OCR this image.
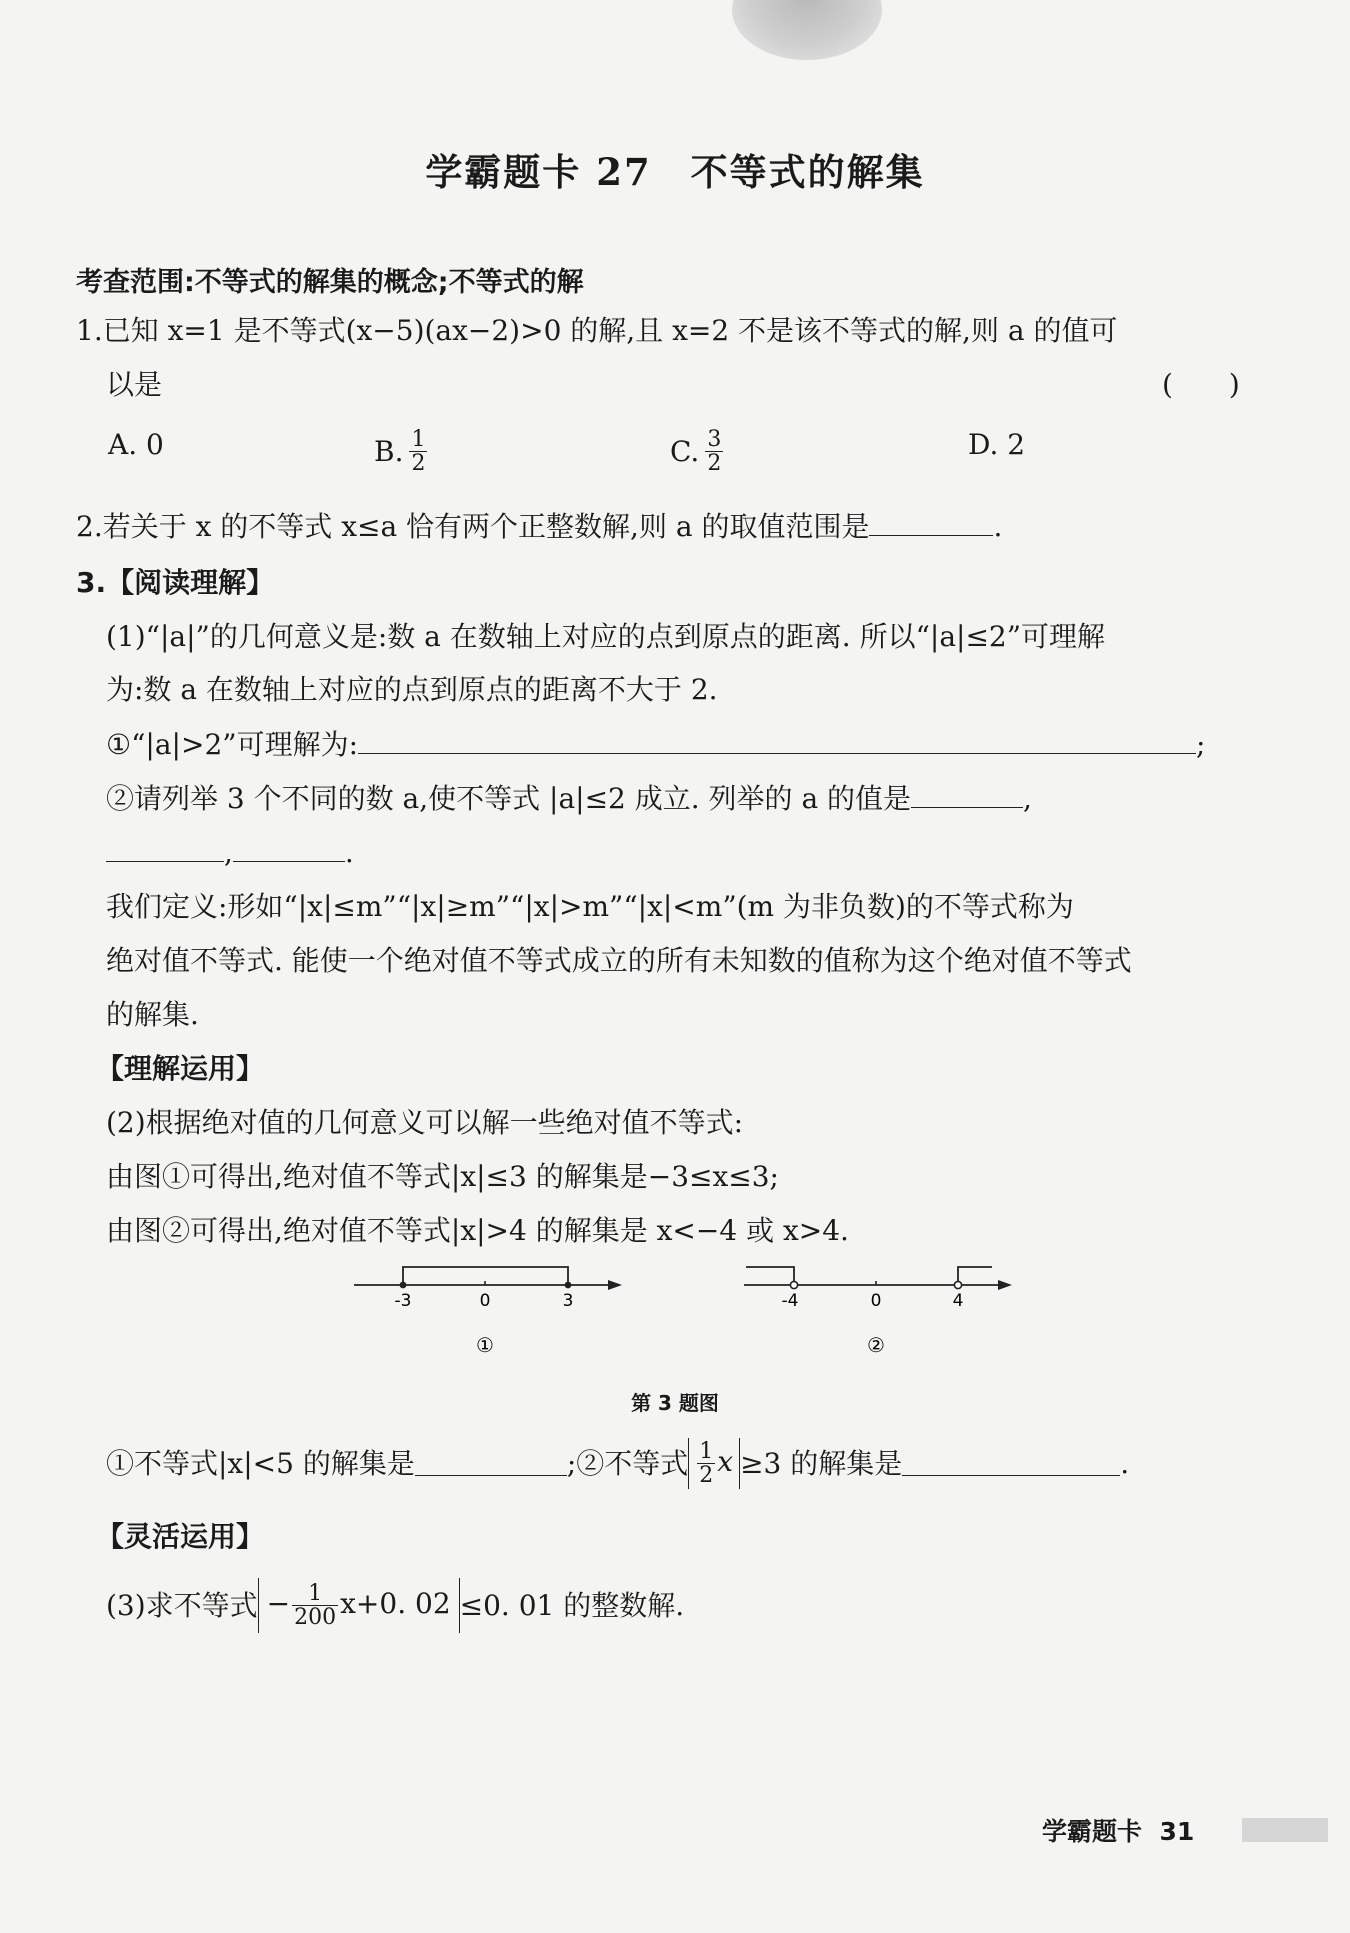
学霸题卡 27　不等式的解集
考查范围:不等式的解集的概念;不等式的解
1.已知 x=1 是不等式(x−5)(ax−2)>0 的解,且 x=2 不是该不等式的解,则 a 的值可
以是	(　　)
A. 0	B. $\frac{1}{2}$	C. $\frac{3}{2}$	D. 2
2.若关于 x 的不等式 x≤a 恰有两个正整数解,则 a 的取值范围是	.
3.【阅读理解】
(1)“|a|”的几何意义是:数 a 在数轴上对应的点到原点的距离. 所以“|a|≤2”可理解
为:数 a 在数轴上对应的点到原点的距离不大于 2.
①“|a|>2”可理解为:	;
②请列举 3 个不同的数 a,使不等式 |a|≤2 成立. 列举的 a 的值是	,
,	.
我们定义:形如“|x|≤m”“|x|≥m”“|x|>m”“|x|<m”(m 为非负数)的不等式称为
绝对值不等式. 能使一个绝对值不等式成立的所有未知数的值称为这个绝对值不等式
的解集.
【理解运用】
(2)根据绝对值的几何意义可以解一些绝对值不等式:
由图①可得出,绝对值不等式|x|≤3 的解集是−3≤x≤3;
由图②可得出,绝对值不等式|x|>4 的解集是 x<−4 或 x>4.
-3	0	3
①
-4	0	4
②
第 3 题图
①不等式|x|<5 的解集是	;②不等式 $\frac{1}{2}$ x ≥3 的解集是	.
【灵活运用】
(3)求不等式 − $\frac{1}{200} x+0$. 02 ≤0. 01 的整数解.
学霸题卡 31
